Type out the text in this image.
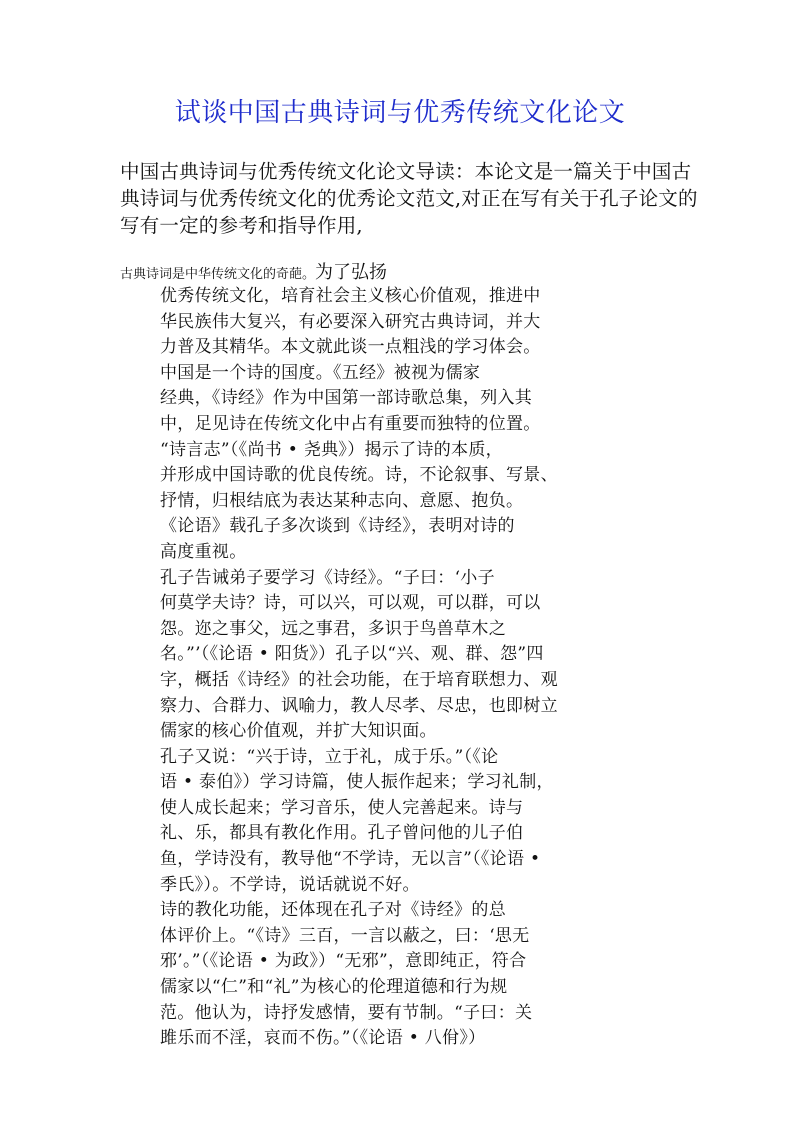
试谈中国古典诗词与优秀传统文化论文
中国古典诗词与优秀传统文化论文导读：本论文是一篇关于中国古
典诗词与优秀传统文化的优秀论文范文,对正在写有关于孔子论文的
写有一定的参考和指导作用,
古典诗词是中华传统文化的奇葩。为了弘扬
优秀传统文化，培育社会主义核心价值观，推进中
华民族伟大复兴，有必要深入研究古典诗词，并大
力普及其精华。本文就此谈一点粗浅的学习体会。
中国是一个诗的国度。《五经》被视为儒家
经典，《诗经》作为中国第一部诗歌总集，列入其
中，足见诗在传统文化中占有重要而独特的位置。
“诗言志”（《尚书 • 尧典》）揭示了诗的本质，
并形成中国诗歌的优良传统。诗，不论叙事、写景、
抒情，归根结底为表达某种志向、意愿、抱负。
《论语》载孔子多次谈到《诗经》，表明对诗的
高度重视。
孔子告诫弟子要学习《诗经》。“子曰：‘小子
何莫学夫诗？诗，可以兴，可以观，可以群，可以
怨。迩之事父，远之事君，多识于鸟兽草木之
名。”’（《论语 • 阳货》）孔子以“兴、观、群、怨”四
字，概括《诗经》的社会功能，在于培育联想力、观
察力、合群力、讽喻力，教人尽孝、尽忠，也即树立
儒家的核心价值观，并扩大知识面。
孔子又说：“兴于诗，立于礼，成于乐。”（《论
语 • 泰伯》）学习诗篇，使人振作起来；学习礼制，
使人成长起来；学习音乐，使人完善起来。诗与
礼、乐，都具有教化作用。孔子曾问他的儿子伯
鱼，学诗没有，教导他“不学诗，无以言”（《论语 •
季氏》）。不学诗，说话就说不好。
诗的教化功能，还体现在孔子对《诗经》的总
体评价上。“《诗》三百，一言以蔽之，曰：‘思无
邪’。”（《论语 • 为政》）“无邪”，意即纯正，符合
儒家以“仁”和“礼”为核心的伦理道德和行为规
范。他认为，诗抒发感情，要有节制。“子曰：关
雎乐而不淫，哀而不伤。”（《论语 • 八佾》）
